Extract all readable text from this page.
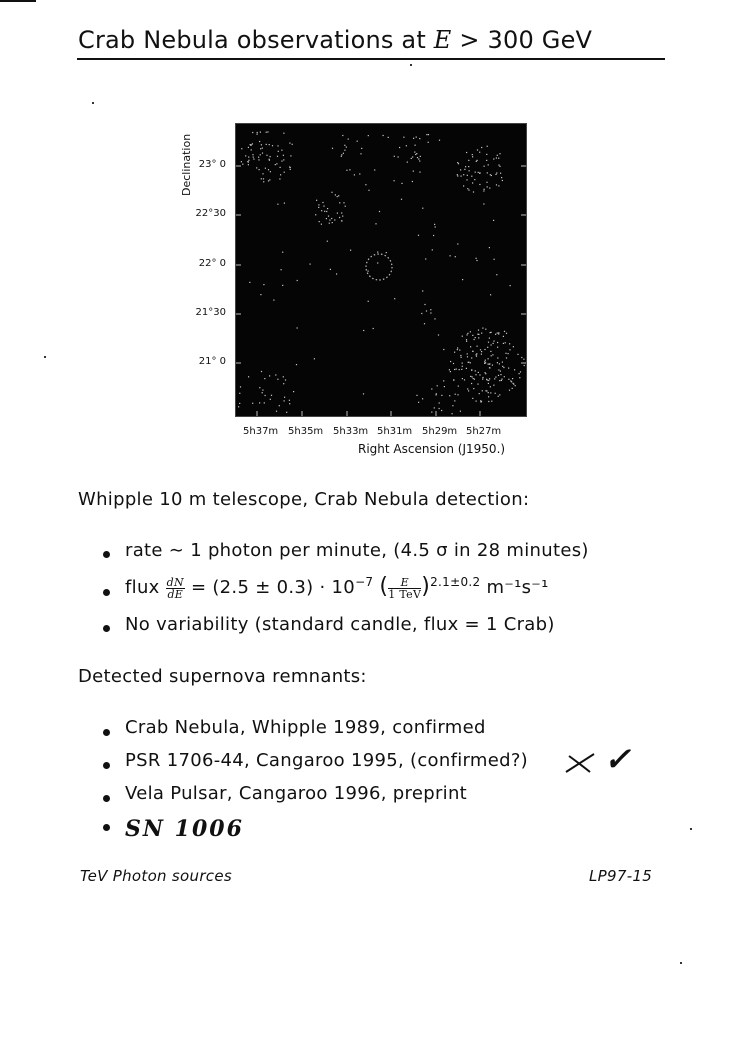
Crab Nebula observations at E > 300 GeV
Declination 23° 0
22°30
22° 0
21°30
21° 0
5h37m 5h35m 5h33m 5h31m 5h29m 5h27m
Right Ascension (J1950.)
Whipple 10 m telescope, Crab Nebula detection:
rate ∼ 1 photon per minute, (4.5 σ in 28 minutes)
flux $\frac{dN}{dE} = (2.5 \pm 0.3) \cdot 10^{-7}$ ( $\frac{E}{\text{1 TeV}} )^{2.1\pm 0.2}$ m⁻¹s⁻¹
No variability (standard candle, flux = 1 Crab)
Detected supernova remnants:
Crab Nebula, Whipple 1989, confirmed
PSR 1706-44, Cangaroo 1995, (confirmed?) ✓
Vela Pulsar, Cangaroo 1996, preprint
SN 1006
TeV Photon sources	LP97-15
